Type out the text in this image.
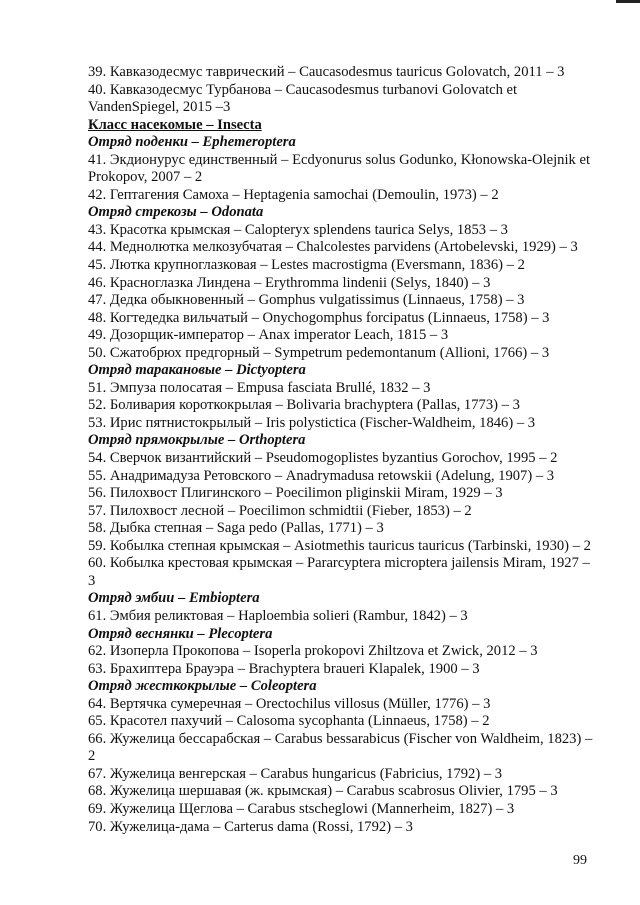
39. Кавказодесмус таврический – Caucasodesmus tauricus Golovatch, 2011 – 3

40. Кавказодесмус Турбанова – Caucasodesmus turbanovi Golovatch et VandenSpiegel, 2015 –3

Класс насекомые – Insecta

Отряд поденки – Ephemeroptera

41. Экдионурус единственный – Ecdyonurus solus Godunko, Kłonowska-Olejnik et Prokopov, 2007 – 2

42. Гептагения Самоха – Heptagenia samochai (Demoulin, 1973) – 2

Отряд стрекозы – Odonata

43. Красотка крымская – Calopteryx splendens taurica Selys, 1853 – 3

44. Меднолютка мелкозубчатая – Chalcolestes parvidens (Artobelevski, 1929) – 3

45. Лютка крупноглазковая – Lestes macrostigma (Eversmann, 1836) – 2

46. Красноглазка Линдена – Erythromma lindenii (Selys, 1840) – 3

47. Дедка обыкновенный – Gomphus vulgatissimus (Linnaeus, 1758) – 3

48. Когтедедка вильчатый – Onychogomphus forcipatus (Linnaeus, 1758) – 3

49. Дозорщик-император – Anax imperator Leach, 1815 – 3

50. Сжатобрюх предгорный – Sympetrum pedemontanum (Allioni, 1766) – 3

Отряд таракановые – Dictyoptera

51. Эмпуза полосатая – Empusa fasciata Brullé, 1832 – 3

52. Боливария короткокрылая – Bolivaria brachyptera (Pallas, 1773) – 3

53. Ирис пятнистокрылый – Iris polystictica (Fischer-Waldheim, 1846) – 3

Отряд прямокрылые – Orthoptera

54. Сверчок византийский – Pseudomogoplistes byzantius Gorochov, 1995 – 2

55. Анадримадуза Ретовского – Anadrymadusa retowskii (Adelung, 1907) – 3

56. Пилохвост Плигинского – Poecilimon pliginskii Miram, 1929 – 3

57. Пилохвост лесной – Poecilimon schmidtii (Fieber, 1853) – 2

58. Дыбка степная – Saga pedo (Pallas, 1771) – 3

59. Кобылка степная крымская – Asiotmethis tauricus tauricus (Tarbinski, 1930) – 2

60. Кобылка крестовая крымская – Pararcyptera microptera jailensis Miram, 1927 – 3

Отряд эмбии – Embioptera

61. Эмбия реликтовая – Haploembia solieri (Rambur, 1842) – 3

Отряд веснянки – Plecoptera

62. Изоперла Прокопова – Isoperla prokopovi Zhiltzova et Zwick, 2012 – 3

63. Брахиптера Брауэра – Brachyptera braueri Klapalek, 1900 – 3

Отряд жесткокрылые – Coleoptera

64. Вертячка сумеречная – Orectochilus villosus (Müller, 1776) – 3

65. Красотел пахучий – Calosoma sycophanta (Linnaeus, 1758) – 2

66. Жужелица бессарабская – Carabus bessarabicus (Fischer von Waldheim, 1823) – 2

67. Жужелица венгерская – Carabus hungaricus (Fabricius, 1792) – 3

68. Жужелица шершавая (ж. крымская) – Carabus scabrosus Olivier, 1795 – 3

69. Жужелица Щеглова – Carabus stscheglowi (Mannerheim, 1827) – 3

70. Жужелица-дама – Carterus dama (Rossi, 1792) – 3

99
